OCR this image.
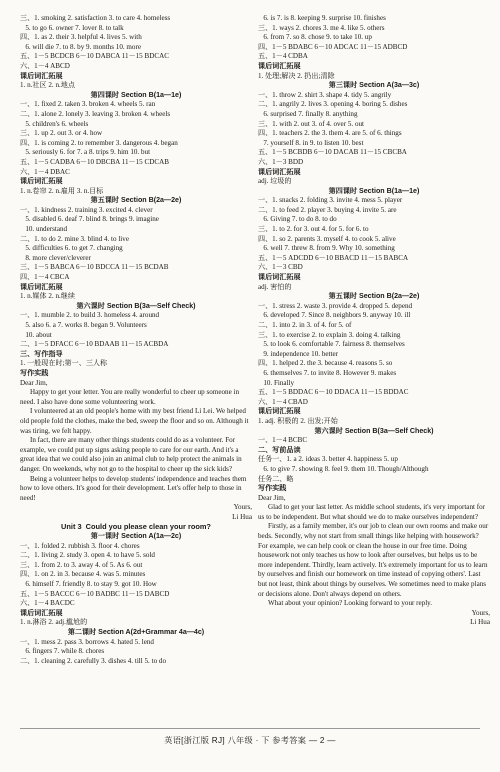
三、1. smoking 2. satisfaction 3. to care 4. homeless
5. to go 6. owner 7. lover 8. to talk
四、1. as 2. their 3. helpful 4. lives 5. with
6. will die 7. to 8. by 9. months 10. more
五、1－5 BCDCB 6－10 DABCA 11－15 BDCAC
六、1－4 ABCD
课后词汇拓展
1. n.社区 2. n.地点
第四课时 Section B(1a—1e)
一、1. fixed 2. taken 3. broken 4. wheels 5. ran
二、1. alone 2. lonely 3. leaving 3. broken 4. wheels
5. children's 6. wheels
三、1. up 2. out 3. or 4. how
四、1. is coming 2. to remember 3. dangerous 4. began
5. seriously 6. for 7. a 8. trips 9. him 10. but
五、1－5 CADBA 6－10 DBCBA 11－15 CDCAB
六、1－4 DBAC
课后词汇拓展
1. n.卷帘 2. n.雇用 3. n.目标
第五课时 Section B(2a—2e)
一、1. kindness 2. training 3. excited 4. clever
5. disabled 6. deaf 7. blind 8. brings 9. imagine
10. understand
二、1. to do 2. mine 3. blind 4. to live
5. difficulties 6. to get 7. changing
8. more clever/cleverer
三、1－5 BABCA 6－10 BDCCA 11－15 BCDAB
四、1－4 CBCA
课后词汇拓展
1. n.媒体 2. n.继续
第六课时 Section B(3a—Self Check)
一、1. mumble 2. to build 3. homeless 4. around
5. also 6. a 7. works 8. began 9. Volunteers
10. about
二、1－5 DFACC 6－10 BDAAB 11－15 ACBDA
三、写作指导
1. 一般现在时;第一、三人称
写作实践
Dear Jim,
Happy to get your letter. You are really wonderful to cheer up someone in need. I also have done some volunteering work.
I volunteered at an old people's home with my best friend Li Lei. We helped old people fold the clothes, make the bed, sweep the floor and so on. Although it was tiring, we felt happy.
In fact, there are many other things students could do as a volunteer. For example, we could put up signs asking people to care for our earth. And it's a great idea that we could also join an animal club to help protect the animals in danger. On weekends, why not go to the hospital to cheer up the sick kids?
Being a volunteer helps to develop students' independence and teaches them how to love others. It's good for their development. Let's offer help to those in need!
Yours,
Li Hua
Unit 3  Could you please clean your room?
第一课时 Section A(1a—2c)
一、1. folded 2. rubbish 3. floor 4. chores
二、1. living 2. study 3. open 4. to have 5. sold
三、1. from 2. to 3. away 4. of 5. As 6. out
四、1. on 2. in 3. because 4. was 5. minutes
6. himself 7. friendly 8. to stay 9. got 10. How
五、1－5 BACCC 6－10 BADBC 11－15 DABCD
六、1－4 BACDC
课后词汇拓展
1. n.淋浴 2. adj.尴尬的
第二课时 Section A(2d+Grammar 4a—4c)
一、1. mess 2. pass 3. borrows 4. hated 5. lend
6. fingers 7. while 8. chores
二、1. cleaning 2. carefully 3. dishes 4. till 5. to do
6. is 7. is 8. keeping 9. surprise 10. finishes
三、1. ways 2. chores 3. me 4. like 5. others
6. from 7. so 8. chose 9. to take 10. up
四、1－5 BDABC 6－10 ADCAC 11－15 ADBCD
五、1－4 CDBA
课后词汇拓展
1. 处理;解决 2. 扔出;清除
第三课时 Section A(3a—3c)
一、1. throw 2. shirt 3. shape 4. tidy 5. angrily
二、1. angrily 2. lives 3. opening 4. boring 5. dishes
6. surprised 7. finally 8. anything
三、1. with 2. out 3. of 4. over 5. out
四、1. teachers 2. the 3. them 4. are 5. of 6. things
7. yourself 8. in 9. to listen 10. best
五、1－5 BCBDB 6－10 DACAB 11－15 CBCBA
六、1－3 BDD
课后词汇拓展
adj. 垃圾的
第四课时 Section B(1a—1e)
一、1. snacks 2. folding 3. invite 4. mess 5. player
二、1. to feed 2. player 3. buying 4. invite 5. are
6. Giving 7. to do 8. to do
三、1. to 2. for 3. out 4. for 5. for 6. to
四、1. so 2. parents 3. myself 4. to cook 5. alive
6. well 7. threw 8. from 9. Why 10. something
五、1－5 ADCDD 6－10 BBACD 11－15 BABCA
六、1－3 CBD
课后词汇拓展
adj. 害怕的
第五课时 Section B(2a—2e)
一、1. stress 2. waste 3. provide 4. dropped 5. depend
6. developed 7. Since 8. neighbors 9. anyway 10. ill
二、1. into 2. in 3. of 4. for 5. of
三、1. to exercise 2. to explain 3. doing 4. talking
5. to look 6. comfortable 7. fairness 8. themselves
9. independence 10. better
四、1. helped 2. the 3. because 4. reasons 5. so
6. themselves 7. to invite 8. However 9. makes
10. Finally
五、1－5 BDDAC 6－10 DDACA 11－15 BDDAC
六、1－4 CBAD
课后词汇拓展
1. adj. 积极的 2. 出发;开始
第六课时 Section B(3a—Self Check)
一、1－4 BCBC
二、写前品读
任务一、1. a 2. ideas 3. better 4. happiness 5. up
6. to give 7. showing 8. feel 9. them 10. Though/Although
任务二、略
写作实践
Dear Jim,
Glad to get your last letter. As middle school students, it's very important for us to be independent. But what should we do to make ourselves independent?
Firstly, as a family member, it's our job to clean our own rooms and make our beds. Secondly, why not start from small things like helping with housework? For example, we can help cook or clean the house in our free time. Doing housework not only teaches us how to look after ourselves, but helps us to be more independent. Thirdly, learn actively. It's extremely important for us to learn by ourselves and finish our homework on time instead of copying others'. Last but not least, think about things by ourselves. We sometimes need to make plans or decisions alone. Don't always depend on others.
What about your opinion? Looking forward to your reply.
Yours,
Li Hua
英语[浙江版 RJ] 八年级 · 下 参考答案 — 2 —
